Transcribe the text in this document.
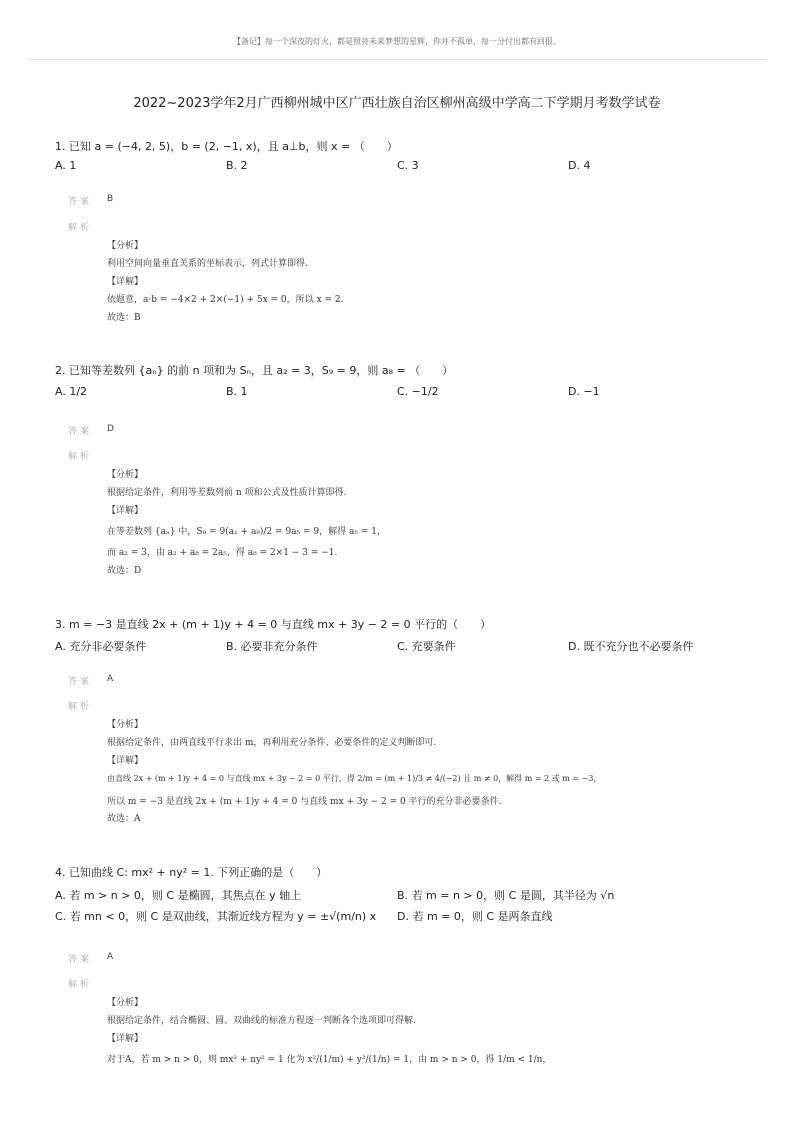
【备记】每一个深夜的灯火，都是照亮未来梦想的星辉，你并不孤单，每一分付出都有回报。
2022~2023学年2月广西柳州城中区广西壮族自治区柳州高级中学高二下学期月考数学试卷
1. 已知 a = (−4, 2, 5)，b = (2, −1, x)，且 a⊥b，则 x = （　　）
A. 1	B. 2	C. 3	D. 4
答案 B
解析
【分析】
利用空间向量垂直关系的坐标表示，列式计算即得.
【详解】
依题意，a·b = −4×2 + 2×(−1) + 5x = 0，所以 x = 2.
故选：B
2. 已知等差数列 {aₙ} 的前 n 项和为 Sₙ，且 a₂ = 3，S₉ = 9，则 a₈ = （　　）
A. 1/2	B. 1	C. −1/2	D. −1
答案 D
解析
【分析】
根据给定条件，利用等差数列前 n 项和公式及性质计算即得.
【详解】
在等差数列 {aₙ} 中，S₉ = 9(a₁ + a₉)/2 = 9a₅ = 9，解得 a₅ = 1，
而 a₂ = 3，由 a₂ + a₈ = 2a₅，得 a₈ = 2×1 − 3 = −1.
故选：D
3. m = −3 是直线 2x + (m + 1)y + 4 = 0 与直线 mx + 3y − 2 = 0 平行的（　　）
A. 充分非必要条件	B. 必要非充分条件	C. 充要条件	D. 既不充分也不必要条件
答案 A
解析
【分析】
根据给定条件，由两直线平行求出 m，再利用充分条件、必要条件的定义判断即可.
【详解】
由直线 2x + (m + 1)y + 4 = 0 与直线 mx + 3y − 2 = 0 平行，得 2/m = (m + 1)/3 ≠ 4/(−2) 且 m ≠ 0，解得 m = 2 或 m = −3，
所以 m = −3 是直线 2x + (m + 1)y + 4 = 0 与直线 mx + 3y − 2 = 0 平行的充分非必要条件.
故选：A
4. 已知曲线 C: mx² + ny² = 1. 下列正确的是（　　）
A. 若 m > n > 0，则 C 是椭圆，其焦点在 y 轴上	B. 若 m = n > 0，则 C 是圆，其半径为 √n
C. 若 mn < 0，则 C 是双曲线，其渐近线方程为 y = ±√(m/n) x D. 若 m = 0，则 C 是两条直线
答案 A
解析
【分析】
根据给定条件，结合椭圆、圆、双曲线的标准方程逐一判断各个选项即可得解.
【详解】
对于A，若 m > n > 0，则 mx² + ny² = 1 化为 x²/(1/m) + y²/(1/n) = 1，由 m > n > 0，得 1/m < 1/n，
